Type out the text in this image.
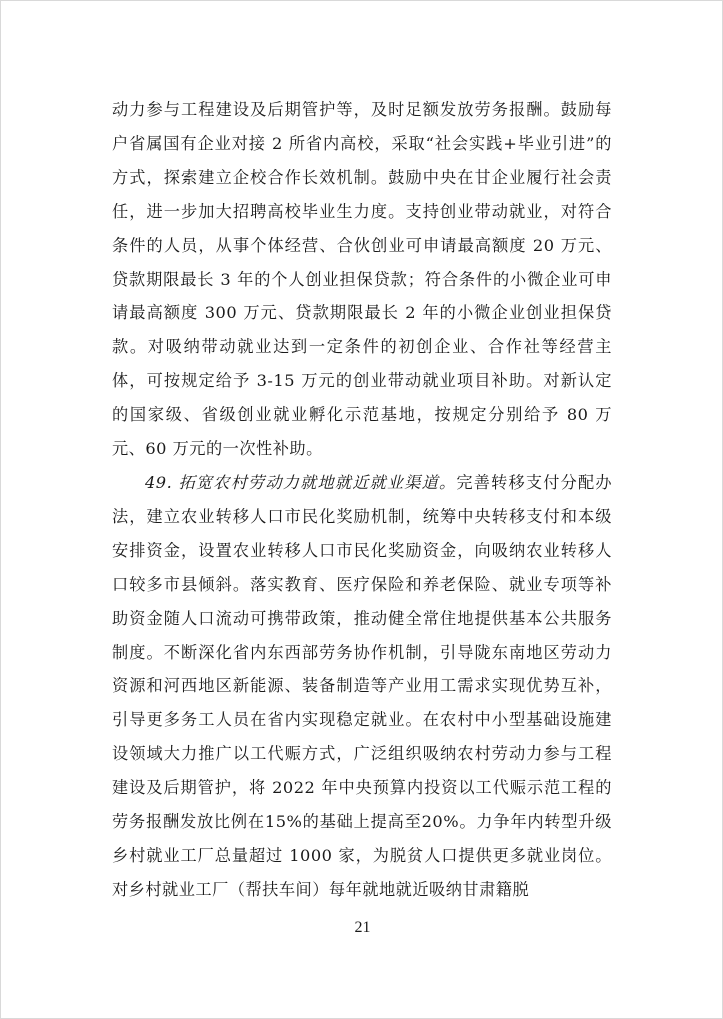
动力参与工程建设及后期管护等，及时足额发放劳务报酬。鼓励每户省属国有企业对接 2 所省内高校，采取“社会实践+毕业引进”的方式，探索建立企校合作长效机制。鼓励中央在甘企业履行社会责任，进一步加大招聘高校毕业生力度。支持创业带动就业，对符合条件的人员，从事个体经营、合伙创业可申请最高额度 20 万元、贷款期限最长 3 年的个人创业担保贷款；符合条件的小微企业可申请最高额度 300 万元、贷款期限最长 2 年的小微企业创业担保贷款。对吸纳带动就业达到一定条件的初创企业、合作社等经营主体，可按规定给予 3-15 万元的创业带动就业项目补助。对新认定的国家级、省级创业就业孵化示范基地，按规定分别给予 80 万元、60 万元的一次性补助。

49. 拓宽农村劳动力就地就近就业渠道。完善转移支付分配办法，建立农业转移人口市民化奖励机制，统筹中央转移支付和本级安排资金，设置农业转移人口市民化奖励资金，向吸纳农业转移人口较多市县倾斜。落实教育、医疗保险和养老保险、就业专项等补助资金随人口流动可携带政策，推动健全常住地提供基本公共服务制度。不断深化省内东西部劳务协作机制，引导陇东南地区劳动力资源和河西地区新能源、装备制造等产业用工需求实现优势互补，引导更多务工人员在省内实现稳定就业。在农村中小型基础设施建设领域大力推广以工代赈方式，广泛组织吸纳农村劳动力参与工程建设及后期管护，将 2022 年中央预算内投资以工代赈示范工程的劳务报酬发放比例在15%的基础上提高至20%。力争年内转型升级乡村就业工厂总量超过 1000 家，为脱贫人口提供更多就业岗位。对乡村就业工厂（帮扶车间）每年就地就近吸纳甘肃籍脱

21
